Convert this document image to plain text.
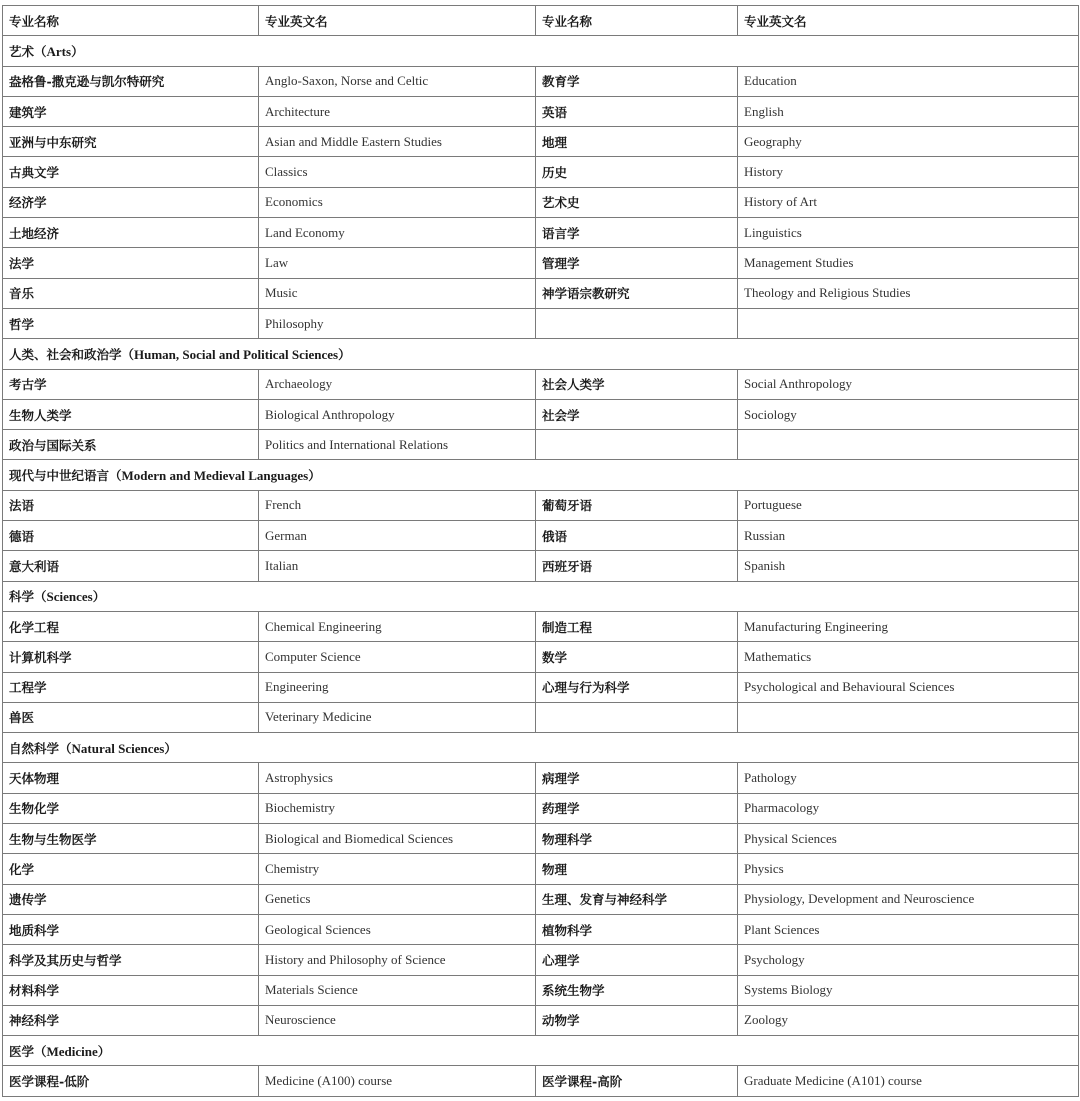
专业名称	专业英文名	专业名称	专业英文名
艺术（Arts）			
盎格鲁-撒克逊与凯尔特研究	Anglo-Saxon, Norse and Celtic	教育学	Education
建筑学	Architecture	英语	English
亚洲与中东研究	Asian and Middle Eastern Studies	地理	Geography
古典文学	Classics	历史	History
经济学	Economics	艺术史	History of Art
土地经济	Land Economy	语言学	Linguistics
法学	Law	管理学	Management Studies
音乐	Music	神学语宗教研究	Theology and Religious Studies
哲学	Philosophy		
人类、社会和政治学（Human, Social and Political Sciences）			
考古学	Archaeology	社会人类学	Social Anthropology
生物人类学	Biological Anthropology	社会学	Sociology
政治与国际关系	Politics and International Relations		
现代与中世纪语言（Modern and Medieval Languages）			
法语	French	葡萄牙语	Portuguese
德语	German	俄语	Russian
意大利语	Italian	西班牙语	Spanish
科学（Sciences）			
化学工程	Chemical Engineering	制造工程	Manufacturing Engineering
计算机科学	Computer Science	数学	Mathematics
工程学	Engineering	心理与行为科学	Psychological and Behavioural Sciences
兽医	Veterinary Medicine		
自然科学（Natural Sciences）			
天体物理	Astrophysics	病理学	Pathology
生物化学	Biochemistry	药理学	Pharmacology
生物与生物医学	Biological and Biomedical Sciences	物理科学	Physical Sciences
化学	Chemistry	物理	Physics
遗传学	Genetics	生理、发育与神经科学	Physiology, Development and Neuroscience
地质科学	Geological Sciences	植物科学	Plant Sciences
科学及其历史与哲学	History and Philosophy of Science	心理学	Psychology
材料科学	Materials Science	系统生物学	Systems Biology
神经科学	Neuroscience	动物学	Zoology
医学（Medicine）			
医学课程-低阶	Medicine (A100) course	医学课程-高阶	Graduate Medicine (A101) course
